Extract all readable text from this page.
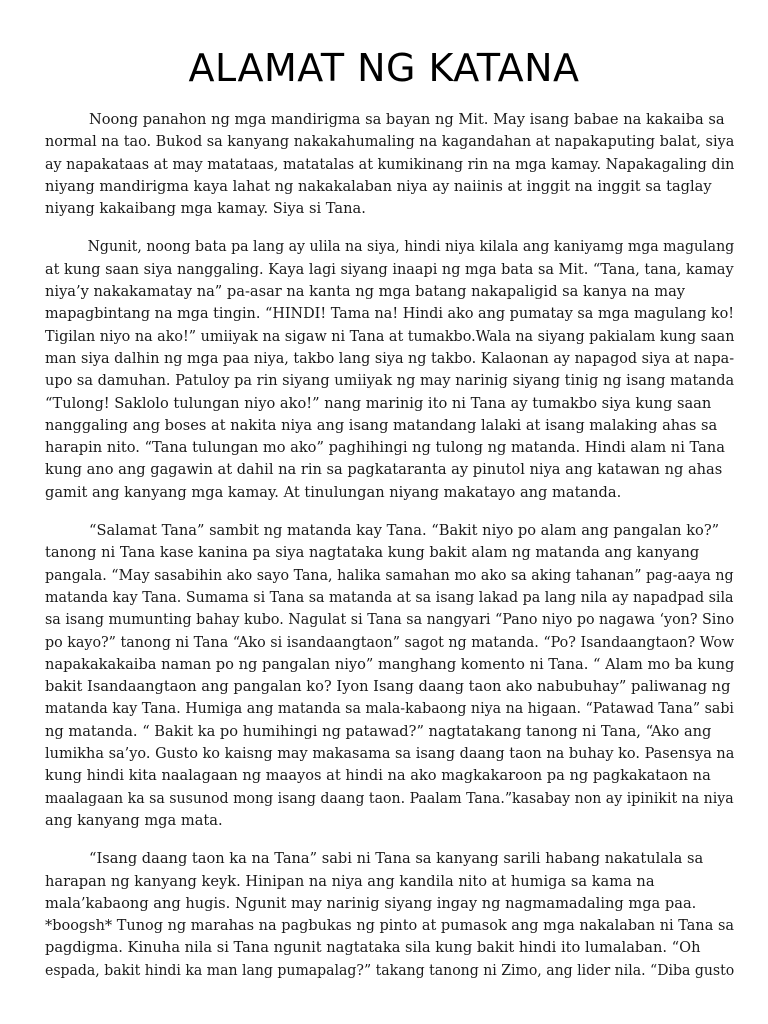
ALAMAT NG KATANA
Noong panahon ng mga mandirigma sa bayan ng Mit. May isang babae na kakaiba sa
normal na tao. Bukod sa kanyang nakakahumaling na kagandahan at napakaputing balat, siya
ay napakataas at may matataas, matatalas at kumikinang rin na mga kamay. Napakagaling din
niyang mandirigma kaya lahat ng nakakalaban niya ay naiinis at inggit na inggit sa taglay
niyang kakaibang mga kamay. Siya si Tana.
Ngunit, noong bata pa lang ay ulila na siya, hindi niya kilala ang kaniyamg mga magulang
at kung saan siya nanggaling. Kaya lagi siyang inaapi ng mga bata sa Mit. “Tana, tana, kamay
niya’y nakakamatay na” pa-asar na kanta ng mga batang nakapaligid sa kanya na may
mapagbintang na mga tingin. “HINDI! Tama na! Hindi ako ang pumatay sa mga magulang ko!
Tigilan niyo na ako!” umiiyak na sigaw ni Tana at tumakbo.Wala na siyang pakialam kung saan
man siya dalhin ng mga paa niya, takbo lang siya ng takbo. Kalaonan ay napagod siya at napa-
upo sa damuhan. Patuloy pa rin siyang umiiyak ng may narinig siyang tinig ng isang matanda
“Tulong! Saklolo tulungan niyo ako!” nang marinig ito ni Tana ay tumakbo siya kung saan
nanggaling ang boses at nakita niya ang isang matandang lalaki at isang malaking ahas sa
harapin nito. “Tana tulungan mo ako” paghihingi ng tulong ng matanda. Hindi alam ni Tana
kung ano ang gagawin at dahil na rin sa pagkataranta ay pinutol niya ang katawan ng ahas
gamit ang kanyang mga kamay. At tinulungan niyang makatayo ang matanda.
“Salamat Tana” sambit ng matanda kay Tana. “Bakit niyo po alam ang pangalan ko?”
tanong ni Tana kase kanina pa siya nagtataka kung bakit alam ng matanda ang kanyang
pangala. “May sasabihin ako sayo Tana, halika samahan mo ako sa aking tahanan” pag-aaya ng
matanda kay Tana. Sumama si Tana sa matanda at sa isang lakad pa lang nila ay napadpad sila
sa isang mumunting bahay kubo. Nagulat si Tana sa nangyari “Pano niyo po nagawa ‘yon? Sino
po kayo?” tanong ni Tana “Ako si isandaangtaon” sagot ng matanda. “Po? Isandaangtaon? Wow
napakakakaiba naman po ng pangalan niyo” manghang komento ni Tana. “ Alam mo ba kung
bakit Isandaangtaon ang pangalan ko? Iyon Isang daang taon ako nabubuhay” paliwanag ng
matanda kay Tana. Humiga ang matanda sa mala-kabaong niya na higaan. “Patawad Tana” sabi
ng matanda. “ Bakit ka po humihingi ng patawad?” nagtatakang tanong ni Tana, “Ako ang
lumikha sa’yo. Gusto ko kaisng may makasama sa isang daang taon na buhay ko. Pasensya na
kung hindi kita naalagaan ng maayos at hindi na ako magkakaroon pa ng pagkakataon na
maalagaan ka sa susunod mong isang daang taon. Paalam Tana.”kasabay non ay ipinikit na niya
ang kanyang mga mata.
“Isang daang taon ka na Tana” sabi ni Tana sa kanyang sarili habang nakatulala sa
harapan ng kanyang keyk. Hinipan na niya ang kandila nito at humiga sa kama na
mala’kabaong ang hugis. Ngunit may narinig siyang ingay ng nagmamadaling mga paa.
*boogsh* Tunog ng marahas na pagbukas ng pinto at pumasok ang mga nakalaban ni Tana sa
pagdigma. Kinuha nila si Tana ngunit nagtataka sila kung bakit hindi ito lumalaban. “Oh
espada, bakit hindi ka man lang pumapalag?” takang tanong ni Zimo, ang lider nila. “Diba gusto
